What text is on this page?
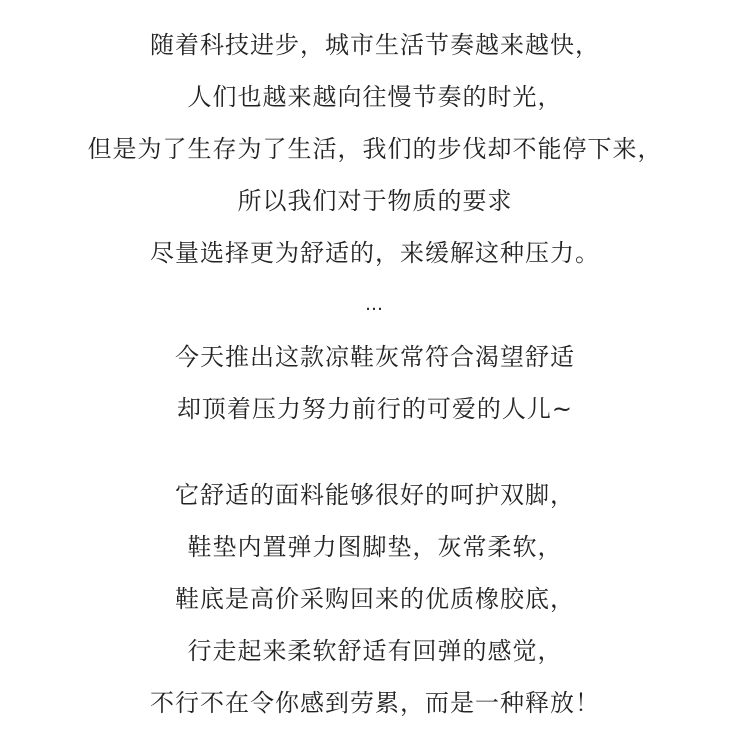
随着科技进步，城市生活节奏越来越快，

人们也越来越向往慢节奏的时光，

但是为了生存为了生活，我们的步伐却不能停下来，

所以我们对于物质的要求

尽量选择更为舒适的，来缓解这种压力。

…

今天推出这款凉鞋灰常符合渴望舒适

却顶着压力努力前行的可爱的人儿~

它舒适的面料能够很好的呵护双脚，

鞋垫内置弹力图脚垫，灰常柔软，

鞋底是高价采购回来的优质橡胶底，

行走起来柔软舒适有回弹的感觉，

不行不在令你感到劳累，而是一种释放！
